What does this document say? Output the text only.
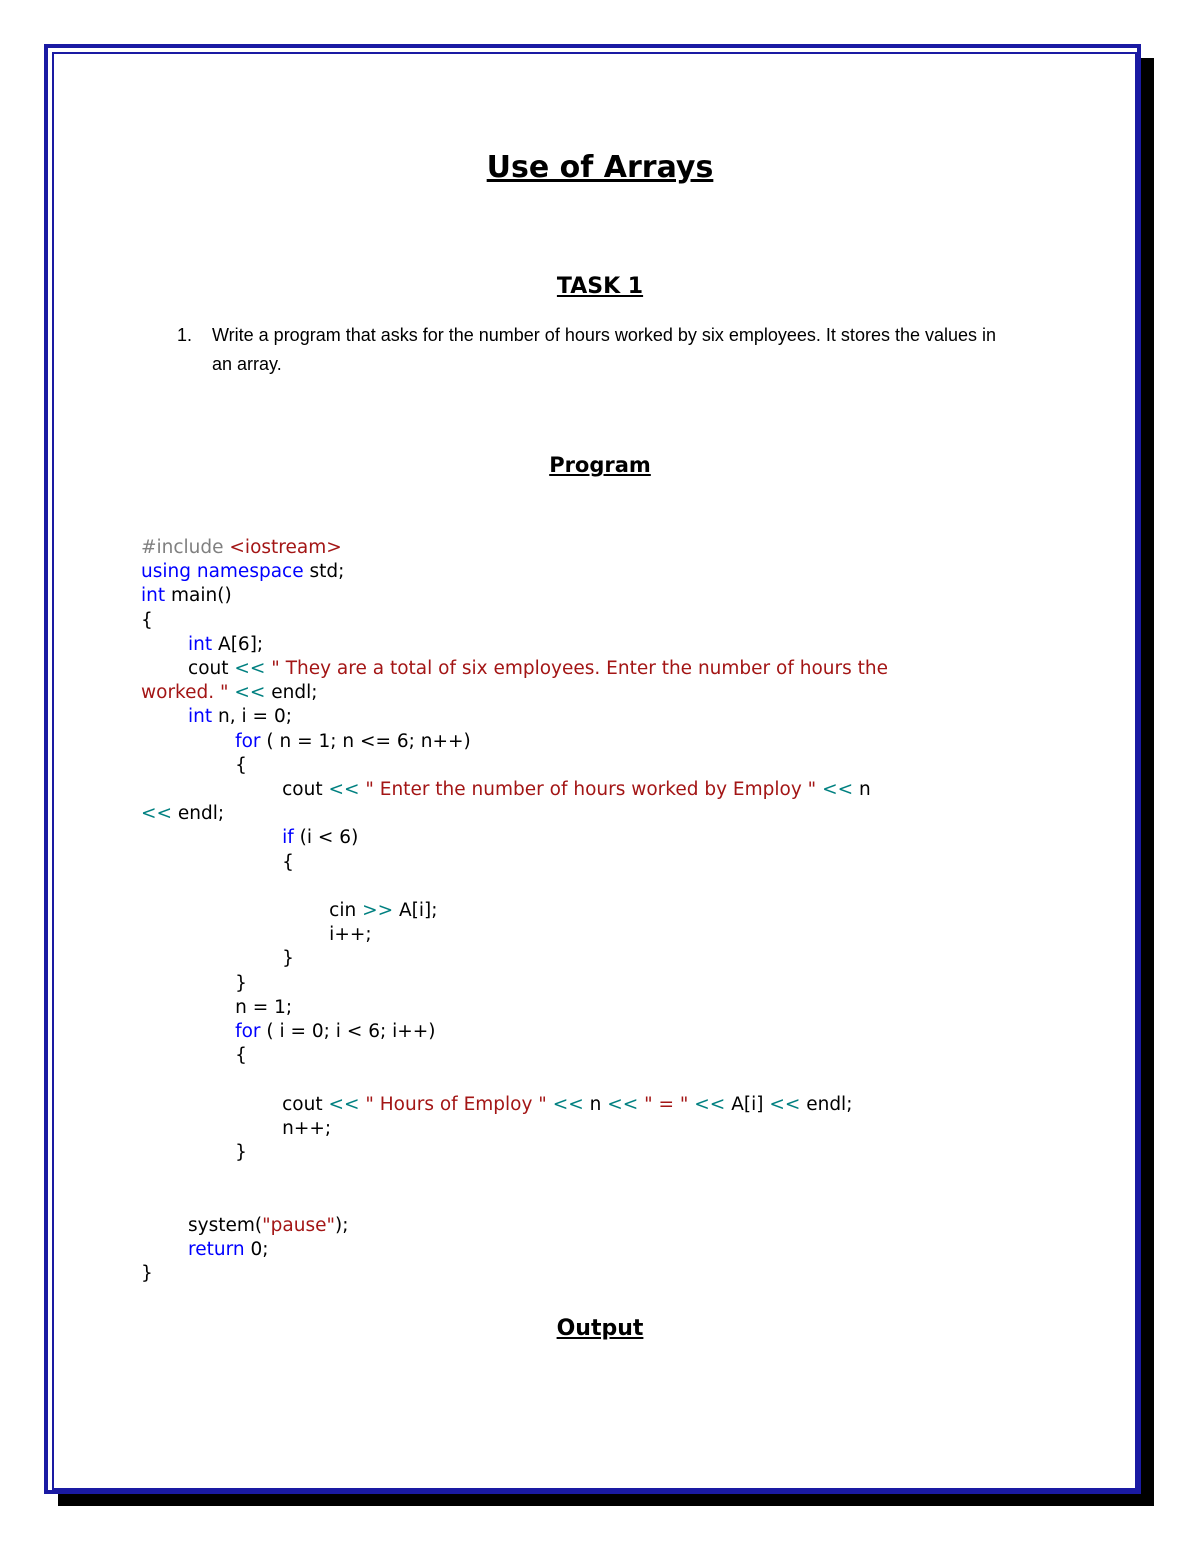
Use of Arrays
TASK 1
1. Write a program that asks for the number of hours worked by six employees. It stores the values in an array.
Program
#include <iostream>
using namespace std;
int main()
{
int A[6];
cout << " They are a total of six employees. Enter the number of hours the
worked. " << endl;
int n, i = 0;
for ( n = 1; n <= 6; n++)
{
cout << " Enter the number of hours worked by Employ " << n
<< endl;
if (i < 6)
{
cin >> A[i];
i++;
}
}
n = 1;
for ( i = 0; i < 6; i++)
{
cout << " Hours of Employ " << n << " = " << A[i] << endl;
n++;
}
system("pause");
return 0;
}
Output
